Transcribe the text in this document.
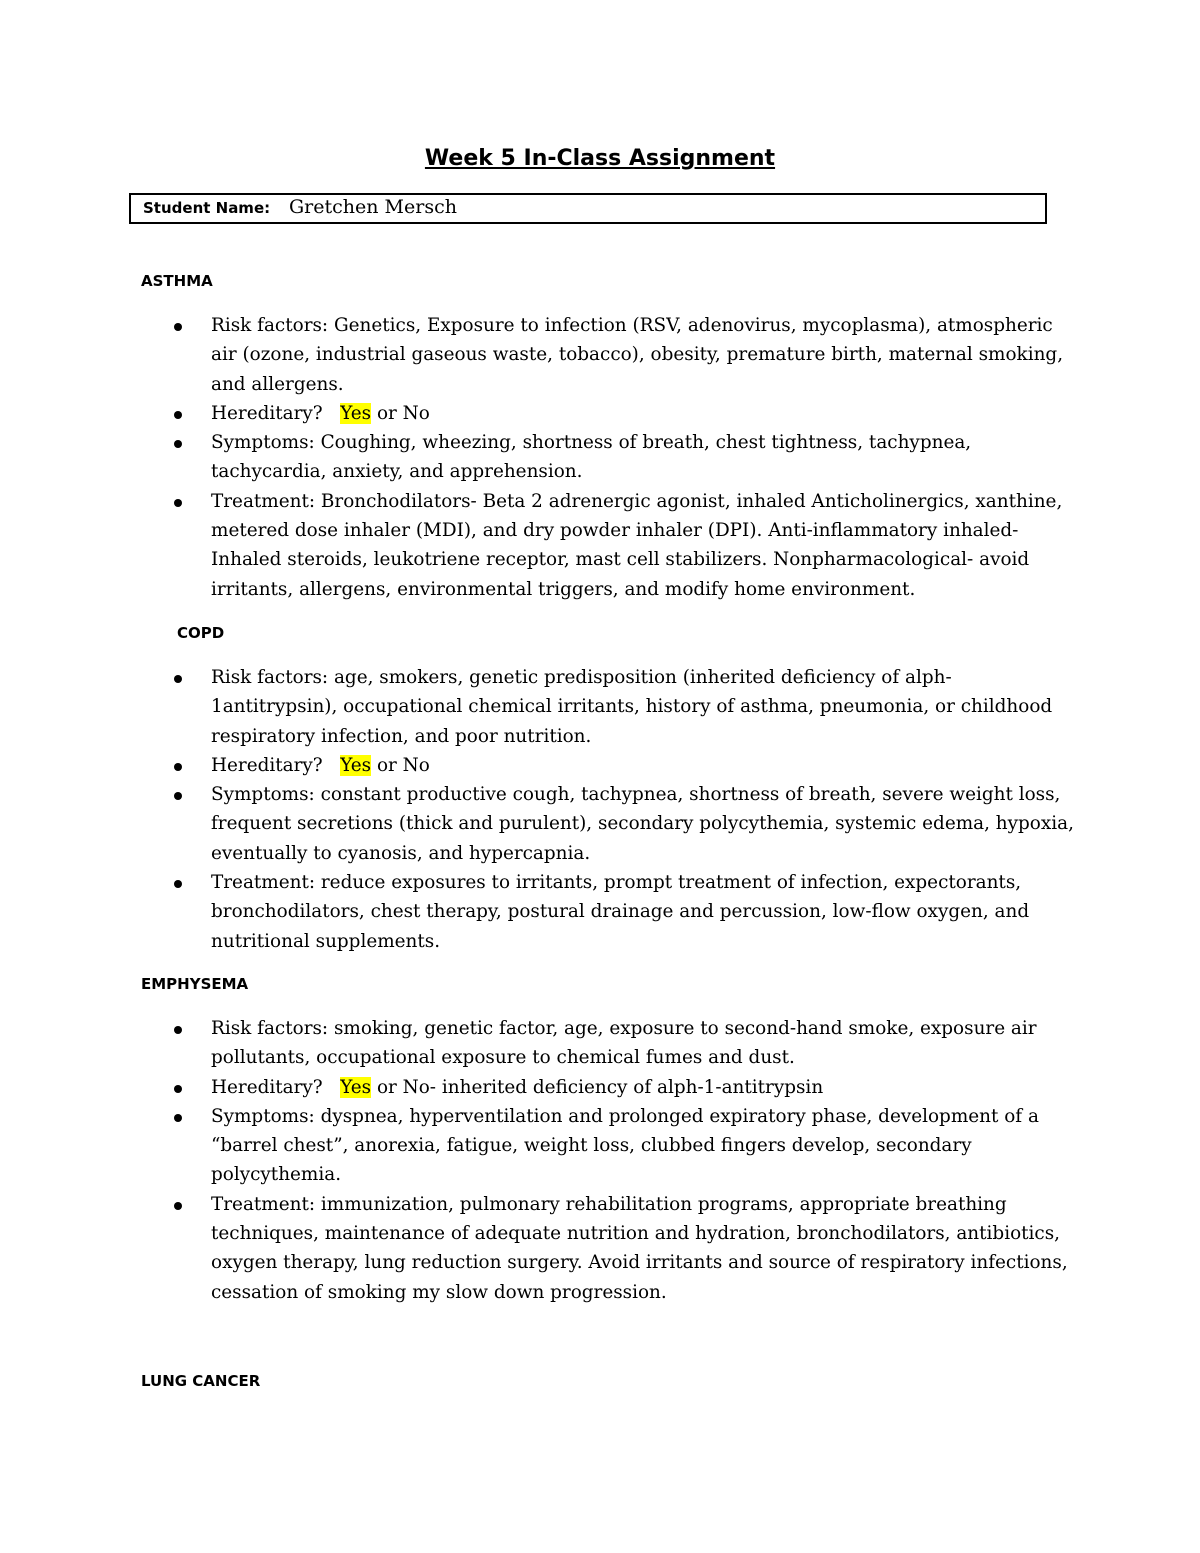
Week 5 In-Class Assignment
Student Name: Gretchen Mersch
ASTHMA
Risk factors: Genetics, Exposure to infection (RSV, adenovirus, mycoplasma), atmospheric air (ozone, industrial gaseous waste, tobacco), obesity, premature birth, maternal smoking, and allergens.
Hereditary? Yes or No
Symptoms: Coughing, wheezing, shortness of breath, chest tightness, tachypnea, tachycardia, anxiety, and apprehension.
Treatment: Bronchodilators- Beta 2 adrenergic agonist, inhaled Anticholinergics, xanthine, metered dose inhaler (MDI), and dry powder inhaler (DPI). Anti-inflammatory inhaled-Inhaled steroids, leukotriene receptor, mast cell stabilizers. Nonpharmacological- avoid irritants, allergens, environmental triggers, and modify home environment.
COPD
Risk factors: age, smokers, genetic predisposition (inherited deficiency of alph-1antitrypsin), occupational chemical irritants, history of asthma, pneumonia, or childhood respiratory infection, and poor nutrition.
Hereditary? Yes or No
Symptoms: constant productive cough, tachypnea, shortness of breath, severe weight loss, frequent secretions (thick and purulent), secondary polycythemia, systemic edema, hypoxia, eventually to cyanosis, and hypercapnia.
Treatment: reduce exposures to irritants, prompt treatment of infection, expectorants, bronchodilators, chest therapy, postural drainage and percussion, low-flow oxygen, and nutritional supplements.
EMPHYSEMA
Risk factors: smoking, genetic factor, age, exposure to second-hand smoke, exposure air pollutants, occupational exposure to chemical fumes and dust.
Hereditary? Yes or No- inherited deficiency of alph-1-antitrypsin
Symptoms: dyspnea, hyperventilation and prolonged expiratory phase, development of a “barrel chest”, anorexia, fatigue, weight loss, clubbed fingers develop, secondary polycythemia.
Treatment: immunization, pulmonary rehabilitation programs, appropriate breathing techniques, maintenance of adequate nutrition and hydration, bronchodilators, antibiotics, oxygen therapy, lung reduction surgery. Avoid irritants and source of respiratory infections, cessation of smoking my slow down progression.
LUNG CANCER
